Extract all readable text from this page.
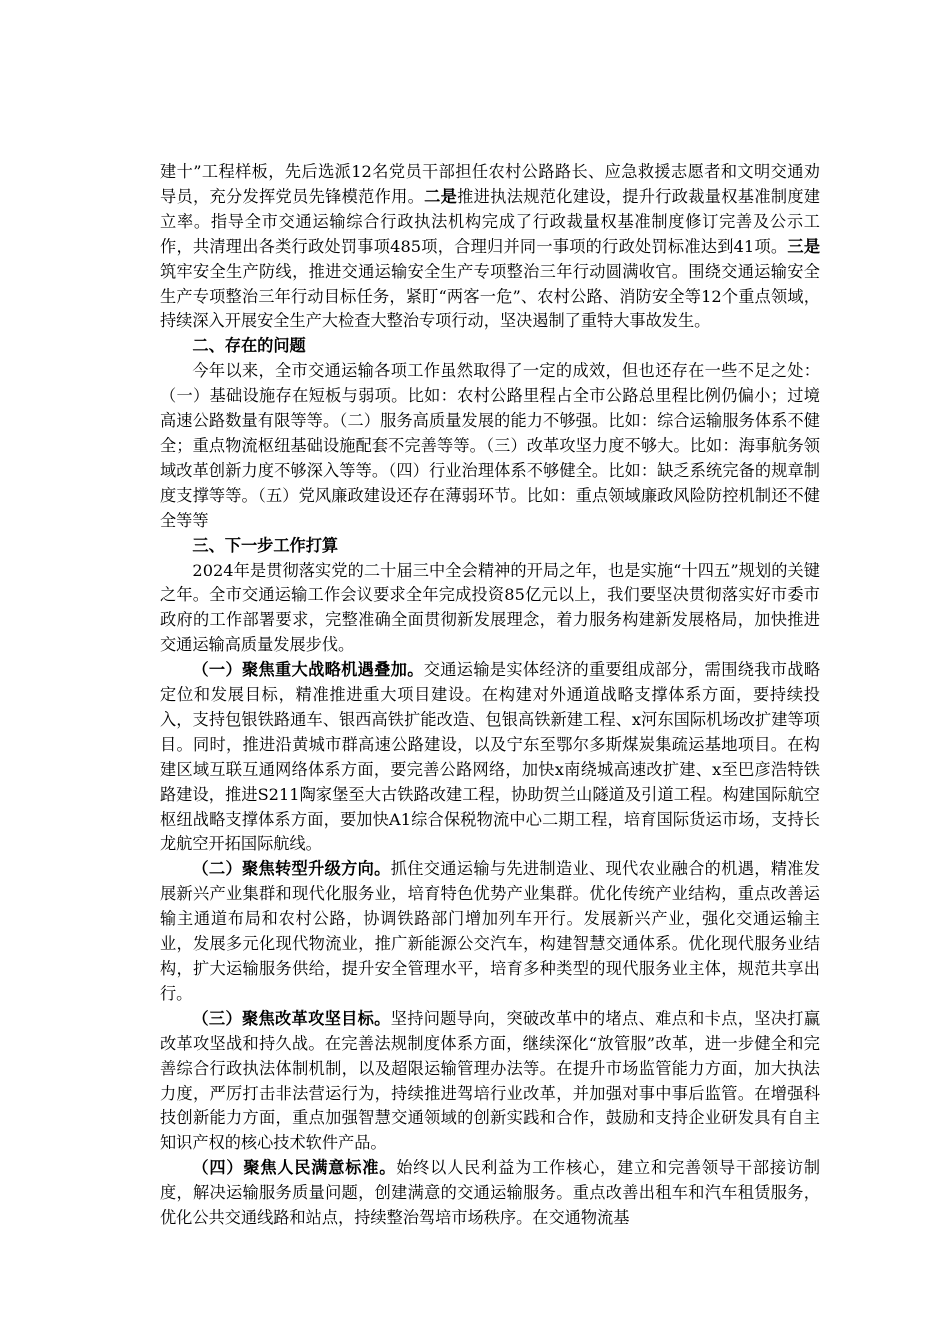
建十”工程样板，先后选派12名党员干部担任农村公路路长、应急救援志愿者和文明交通劝导员，充分发挥党员先锋模范作用。二是推进执法规范化建设，提升行政裁量权基准制度建立率。指导全市交通运输综合行政执法机构完成了行政裁量权基准制度修订完善及公示工作，共清理出各类行政处罚事项485项，合理归并同一事项的行政处罚标准达到41项。三是筑牢安全生产防线，推进交通运输安全生产专项整治三年行动圆满收官。围绕交通运输安全生产专项整治三年行动目标任务，紧盯“两客一危”、农村公路、消防安全等12个重点领域，持续深入开展安全生产大检查大整治专项行动，坚决遏制了重特大事故发生。

二、存在的问题

今年以来，全市交通运输各项工作虽然取得了一定的成效，但也还存在一些不足之处：（一）基础设施存在短板与弱项。比如：农村公路里程占全市公路总里程比例仍偏小；过境高速公路数量有限等等。（二）服务高质量发展的能力不够强。比如：综合运输服务体系不健全；重点物流枢纽基础设施配套不完善等等。（三）改革攻坚力度不够大。比如：海事航务领域改革创新力度不够深入等等。（四）行业治理体系不够健全。比如：缺乏系统完备的规章制度支撑等等。（五）党风廉政建设还存在薄弱环节。比如：重点领域廉政风险防控机制还不健全等等

三、下一步工作打算

2024年是贯彻落实党的二十届三中全会精神的开局之年，也是实施“十四五”规划的关键之年。全市交通运输工作会议要求全年完成投资85亿元以上，我们要坚决贯彻落实好市委市政府的工作部署要求，完整准确全面贯彻新发展理念，着力服务构建新发展格局，加快推进交通运输高质量发展步伐。

（一）聚焦重大战略机遇叠加。交通运输是实体经济的重要组成部分，需围绕我市战略定位和发展目标，精准推进重大项目建设。在构建对外通道战略支撑体系方面，要持续投入，支持包银铁路通车、银西高铁扩能改造、包银高铁新建工程、x河东国际机场改扩建等项目。同时，推进沿黄城市群高速公路建设，以及宁东至鄂尔多斯煤炭集疏运基地项目。在构建区域互联互通网络体系方面，要完善公路网络，加快x南绕城高速改扩建、x至巴彦浩特铁路建设，推进S211陶家堡至大古铁路改建工程，协助贺兰山隧道及引道工程。构建国际航空枢纽战略支撑体系方面，要加快A1综合保税物流中心二期工程，培育国际货运市场，支持长龙航空开拓国际航线。

（二）聚焦转型升级方向。抓住交通运输与先进制造业、现代农业融合的机遇，精准发展新兴产业集群和现代化服务业，培育特色优势产业集群。优化传统产业结构，重点改善运输主通道布局和农村公路，协调铁路部门增加列车开行。发展新兴产业，强化交通运输主业，发展多元化现代物流业，推广新能源公交汽车，构建智慧交通体系。优化现代服务业结构，扩大运输服务供给，提升安全管理水平，培育多种类型的现代服务业主体，规范共享出行。

（三）聚焦改革攻坚目标。坚持问题导向，突破改革中的堵点、难点和卡点，坚决打赢改革攻坚战和持久战。在完善法规制度体系方面，继续深化“放管服”改革，进一步健全和完善综合行政执法体制机制，以及超限运输管理办法等。在提升市场监管能力方面，加大执法力度，严厉打击非法营运行为，持续推进驾培行业改革，并加强对事中事后监管。在增强科技创新能力方面，重点加强智慧交通领域的创新实践和合作，鼓励和支持企业研发具有自主知识产权的核心技术软件产品。

（四）聚焦人民满意标准。始终以人民利益为工作核心，建立和完善领导干部接访制度，解决运输服务质量问题，创建满意的交通运输服务。重点改善出租车和汽车租赁服务，优化公共交通线路和站点，持续整治驾培市场秩序。在交通物流基
